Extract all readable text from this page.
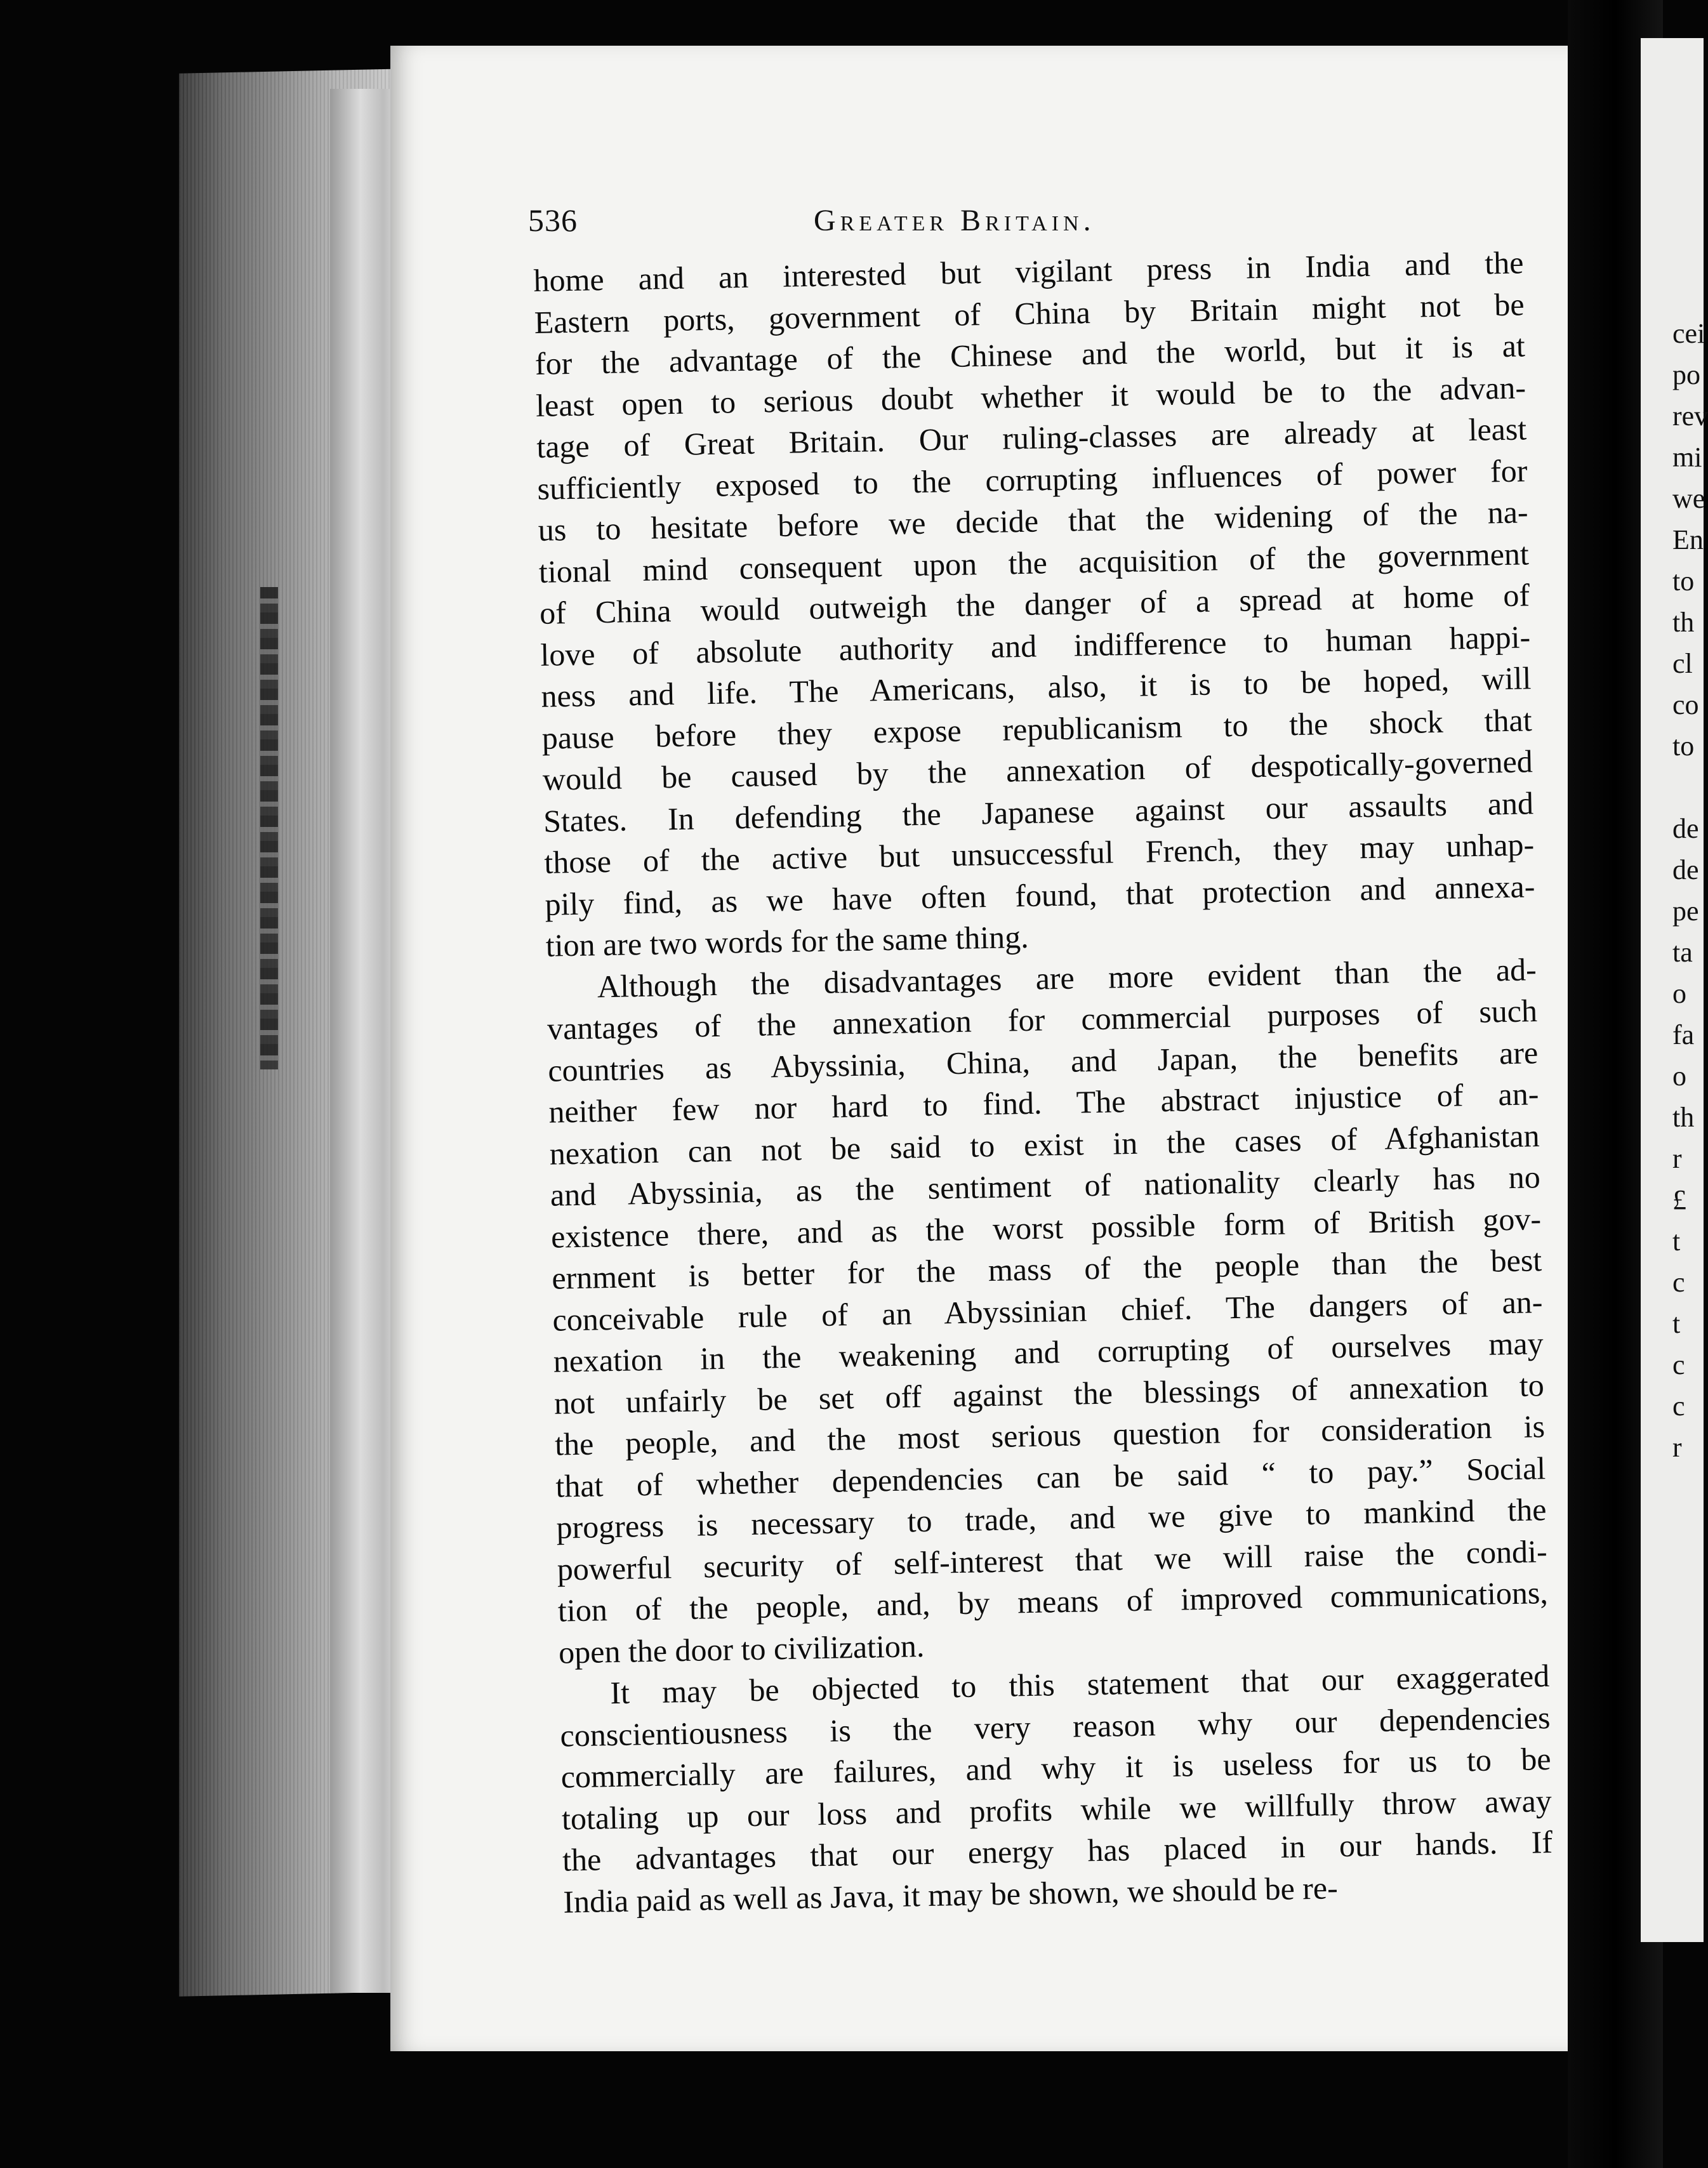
cei
po
rev
mi
we
En
to
th
cl
co
to
de
de
pe
ta
o
fa
o
th
r
£
t
c
t
c
c
r
536	Greater Britain.
home and an interested but vigilant press in India and the
Eastern ports, government of China by Britain might not be
for the advantage of the Chinese and the world, but it is at
least open to serious doubt whether it would be to the advan-
tage of Great Britain. Our ruling-classes are already at least
sufficiently exposed to the corrupting influences of power for
us to hesitate before we decide that the widening of the na-
tional mind consequent upon the acquisition of the government
of China would outweigh the danger of a spread at home of
love of absolute authority and indifference to human happi-
ness and life. The Americans, also, it is to be hoped, will
pause before they expose republicanism to the shock that
would be caused by the annexation of despotically-governed
States. In defending the Japanese against our assaults and
those of the active but unsuccessful French, they may unhap-
pily find, as we have often found, that protection and annexa-
tion are two words for the same thing.
Although the disadvantages are more evident than the ad-
vantages of the annexation for commercial purposes of such
countries as Abyssinia, China, and Japan, the benefits are
neither few nor hard to find. The abstract injustice of an-
nexation can not be said to exist in the cases of Afghanistan
and Abyssinia, as the sentiment of nationality clearly has no
existence there, and as the worst possible form of British gov-
ernment is better for the mass of the people than the best
conceivable rule of an Abyssinian chief. The dangers of an-
nexation in the weakening and corrupting of ourselves may
not unfairly be set off against the blessings of annexation to
the people, and the most serious question for consideration is
that of whether dependencies can be said “ to pay.” Social
progress is necessary to trade, and we give to mankind the
powerful security of self-interest that we will raise the condi-
tion of the people, and, by means of improved communications,
open the door to civilization.
It may be objected to this statement that our exaggerated
conscientiousness is the very reason why our dependencies
commercially are failures, and why it is useless for us to be
totaling up our loss and profits while we willfully throw away
the advantages that our energy has placed in our hands. If
India paid as well as Java, it may be shown, we should be re-
